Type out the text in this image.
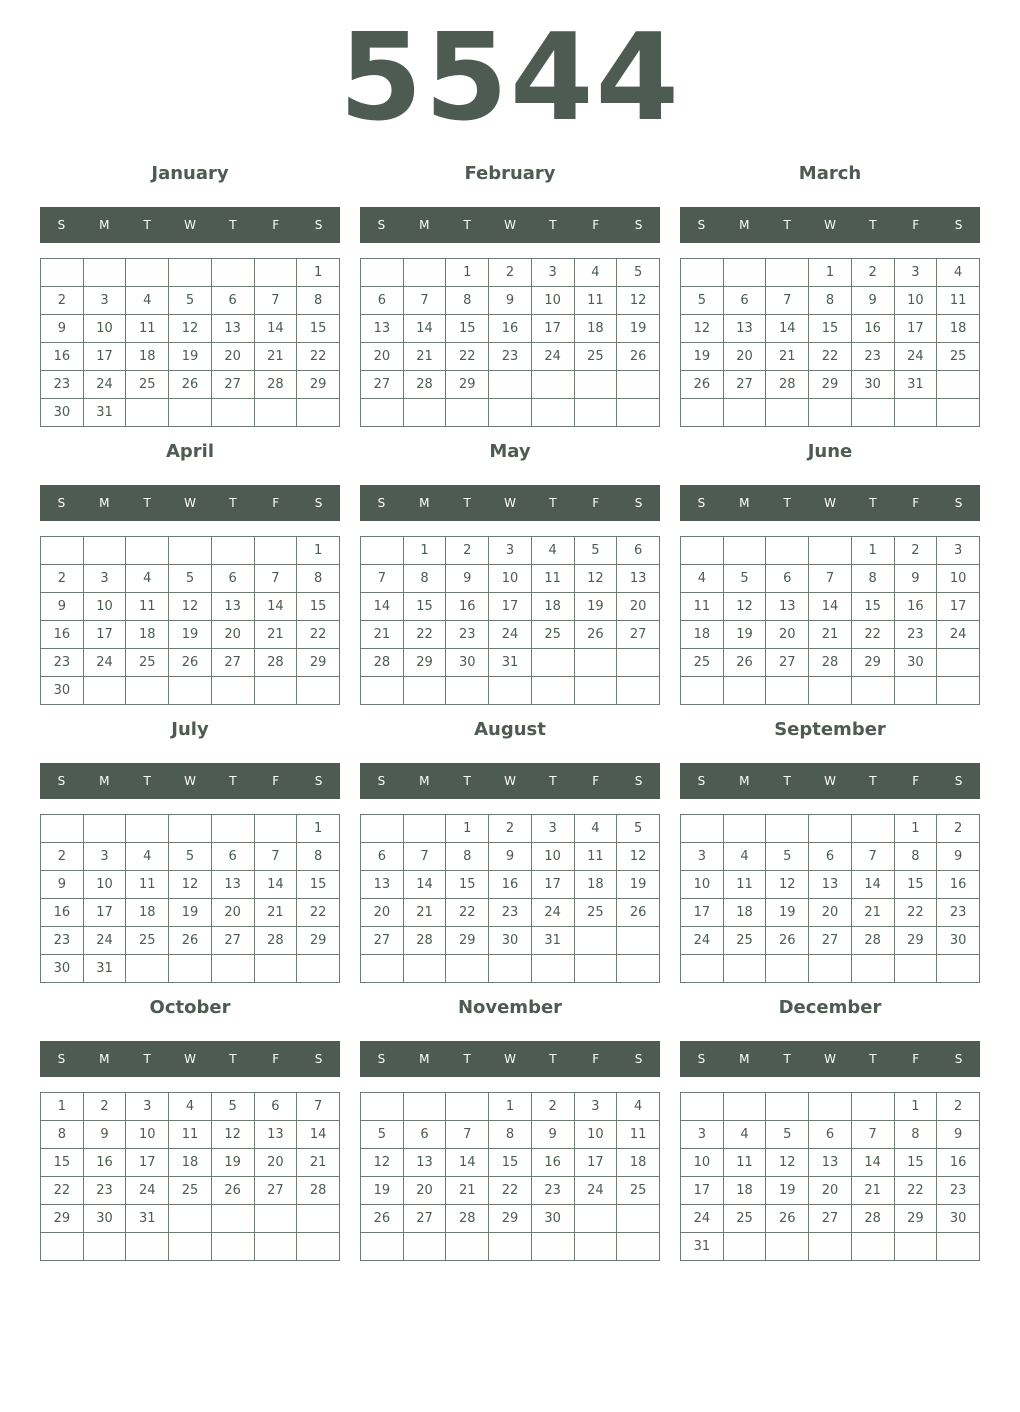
5544
January
S	M	T	W	T	F	S
						1
2	3	4	5	6	7	8
9	10	11	12	13	14	15
16	17	18	19	20	21	22
23	24	25	26	27	28	29
30	31					
February
S	M	T	W	T	F	S
		1	2	3	4	5
6	7	8	9	10	11	12
13	14	15	16	17	18	19
20	21	22	23	24	25	26
27	28	29				

March
S	M	T	W	T	F	S
			1	2	3	4
5	6	7	8	9	10	11
12	13	14	15	16	17	18
19	20	21	22	23	24	25
26	27	28	29	30	31	

April
S	M	T	W	T	F	S
						1
2	3	4	5	6	7	8
9	10	11	12	13	14	15
16	17	18	19	20	21	22
23	24	25	26	27	28	29
30						
May
S	M	T	W	T	F	S
	1	2	3	4	5	6
7	8	9	10	11	12	13
14	15	16	17	18	19	20
21	22	23	24	25	26	27
28	29	30	31			

June
S	M	T	W	T	F	S
				1	2	3
4	5	6	7	8	9	10
11	12	13	14	15	16	17
18	19	20	21	22	23	24
25	26	27	28	29	30	

July
S	M	T	W	T	F	S
						1
2	3	4	5	6	7	8
9	10	11	12	13	14	15
16	17	18	19	20	21	22
23	24	25	26	27	28	29
30	31					
August
S	M	T	W	T	F	S
		1	2	3	4	5
6	7	8	9	10	11	12
13	14	15	16	17	18	19
20	21	22	23	24	25	26
27	28	29	30	31		

September
S	M	T	W	T	F	S
					1	2
3	4	5	6	7	8	9
10	11	12	13	14	15	16
17	18	19	20	21	22	23
24	25	26	27	28	29	30

October
S	M	T	W	T	F	S
1	2	3	4	5	6	7
8	9	10	11	12	13	14
15	16	17	18	19	20	21
22	23	24	25	26	27	28
29	30	31				

November
S	M	T	W	T	F	S
			1	2	3	4
5	6	7	8	9	10	11
12	13	14	15	16	17	18
19	20	21	22	23	24	25
26	27	28	29	30		

December
S	M	T	W	T	F	S
					1	2
3	4	5	6	7	8	9
10	11	12	13	14	15	16
17	18	19	20	21	22	23
24	25	26	27	28	29	30
31						
